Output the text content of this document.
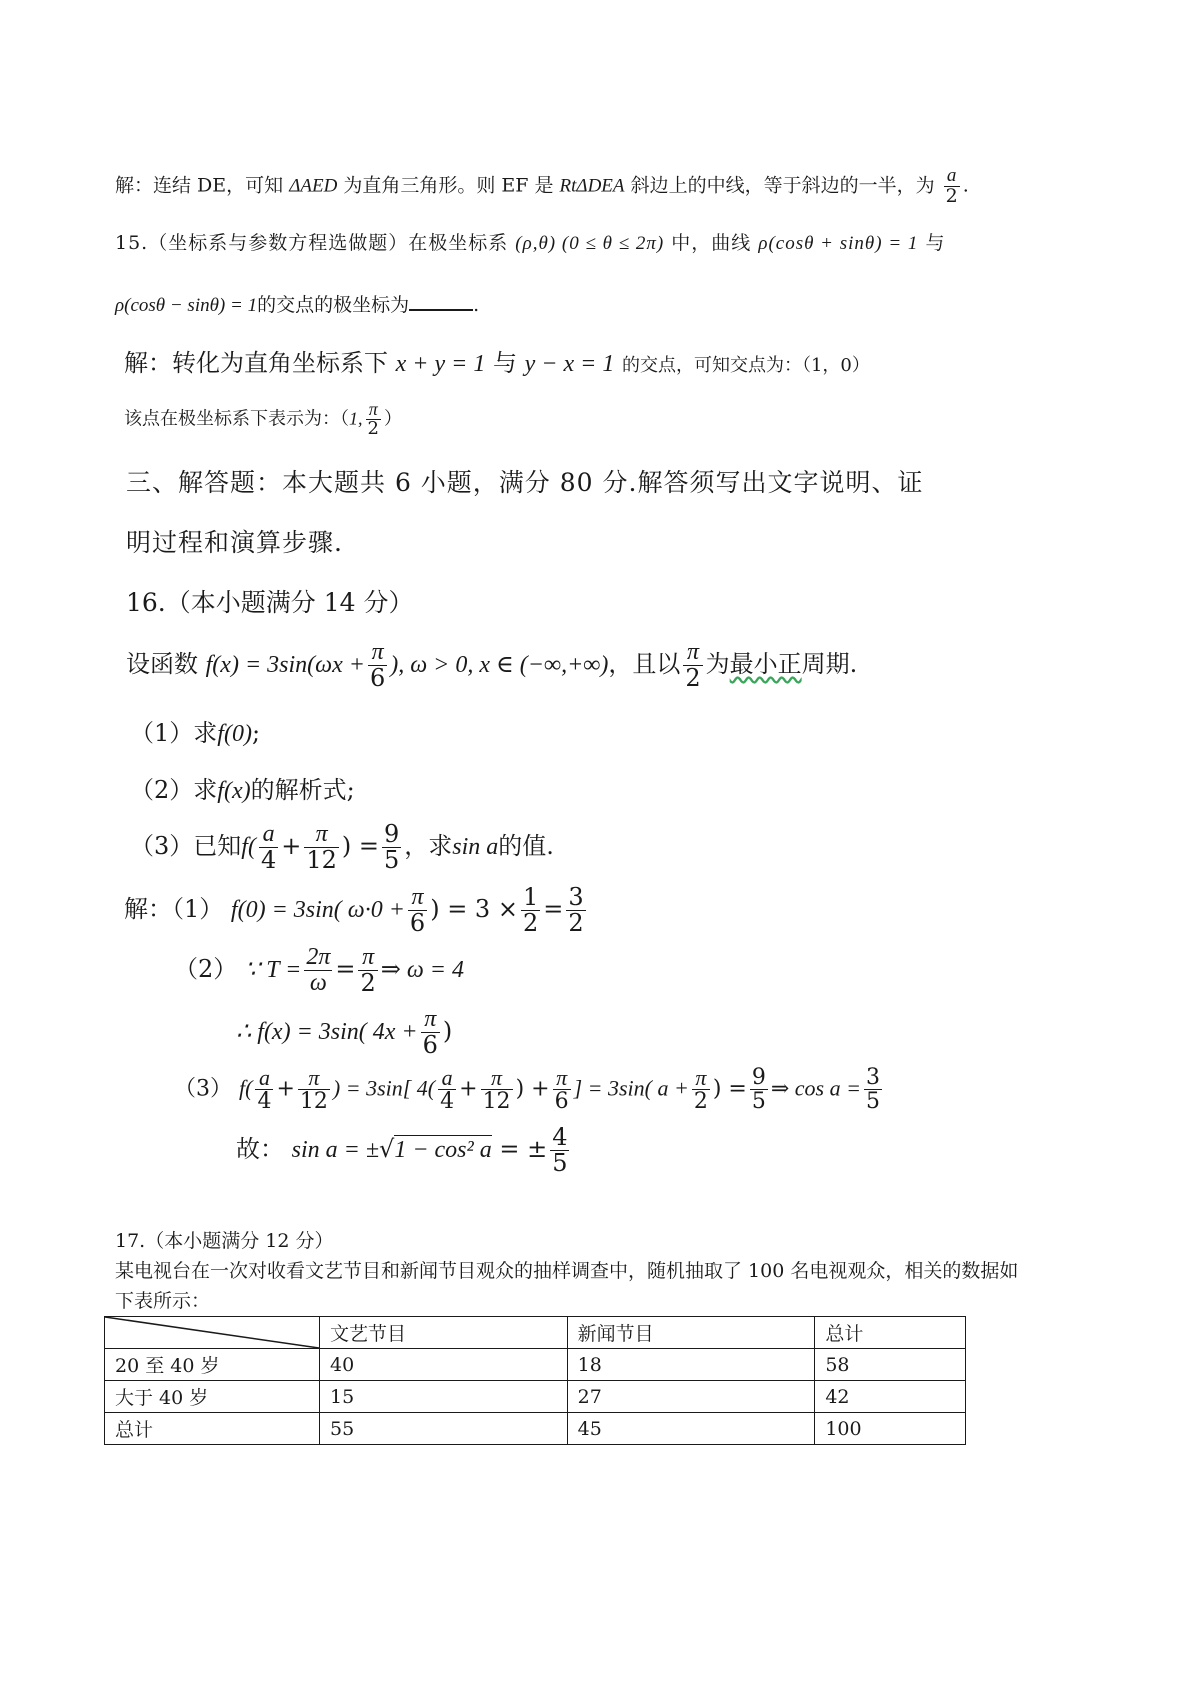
解：连结 DE，可知 ΔAED 为直角三角形。则 EF 是 RtΔDEA 斜边上的中线，等于斜边的一半，为 $\frac{a}{2}$ .
15.（坐标系与参数方程选做题）在极坐标系 (ρ,θ) (0 ≤ θ ≤ 2π) 中，曲线 ρ(cosθ + sinθ) = 1 与
ρ(cosθ − sinθ) = 1的交点的极坐标为	.
解：转化为直角坐标系下 x + y = 1 与 y − x = 1 的交点，可知交点为：（1，0）
该点在极坐标系下表示为：（1, $\frac{\pi}{2}$ ）
三、解答题：本大题共 6 小题，满分 80 分.解答须写出文字说明、证
明过程和演算步骤.
16.（本小题满分 14 分）
设函数 $f(x) = 3\sin(\omega x + \frac{\pi}{6}$ ), ω > 0, x ∈ (−∞,+∞)，且以 $\frac{\pi}{2}$ 为最小正周期.
（1）求f(0);
（2）求f(x)的解析式;
（3）已知$f( \frac{a}{4} + \frac{\pi}{12}$ ) = $\frac{9}{5}$ ，求sin a的值.
解：（1） f(0) = 3sin( $\omega\cdot 0 + \frac{\pi}{6}$ ) = $3 \times \frac{1}{2} = \frac{3}{2}$
（2） ∵ $T = \frac{2\pi}{\omega} = \frac{\pi}{2}$ ⇒ ω = 4
∴ f(x) = 3sin( $4x + \frac{\pi}{6}$ )
（3） $f( \frac{a}{4} + \frac{\pi}{12}$ ) = 3sin[ $4( \frac{a}{4} + \frac{\pi}{12}$ ) + $\frac{\pi}{6}$ ] = 3sin( $a + \frac{\pi}{2}$ ) = $\frac{9}{5}$ ⇒ $\cos a = \frac{3}{5}$
故： sin a = ±√1 − cos² a = ± $\frac{4}{5}$
17.（本小题满分 12 分）
某电视台在一次对收看文艺节目和新闻节目观众的抽样调查中，随机抽取了 100 名电视观众，相关的数据如
下表所示：
	文艺节目	新闻节目	总计
20 至 40 岁	40	18	58
大于 40 岁	15	27	42
总计	55	45	100
